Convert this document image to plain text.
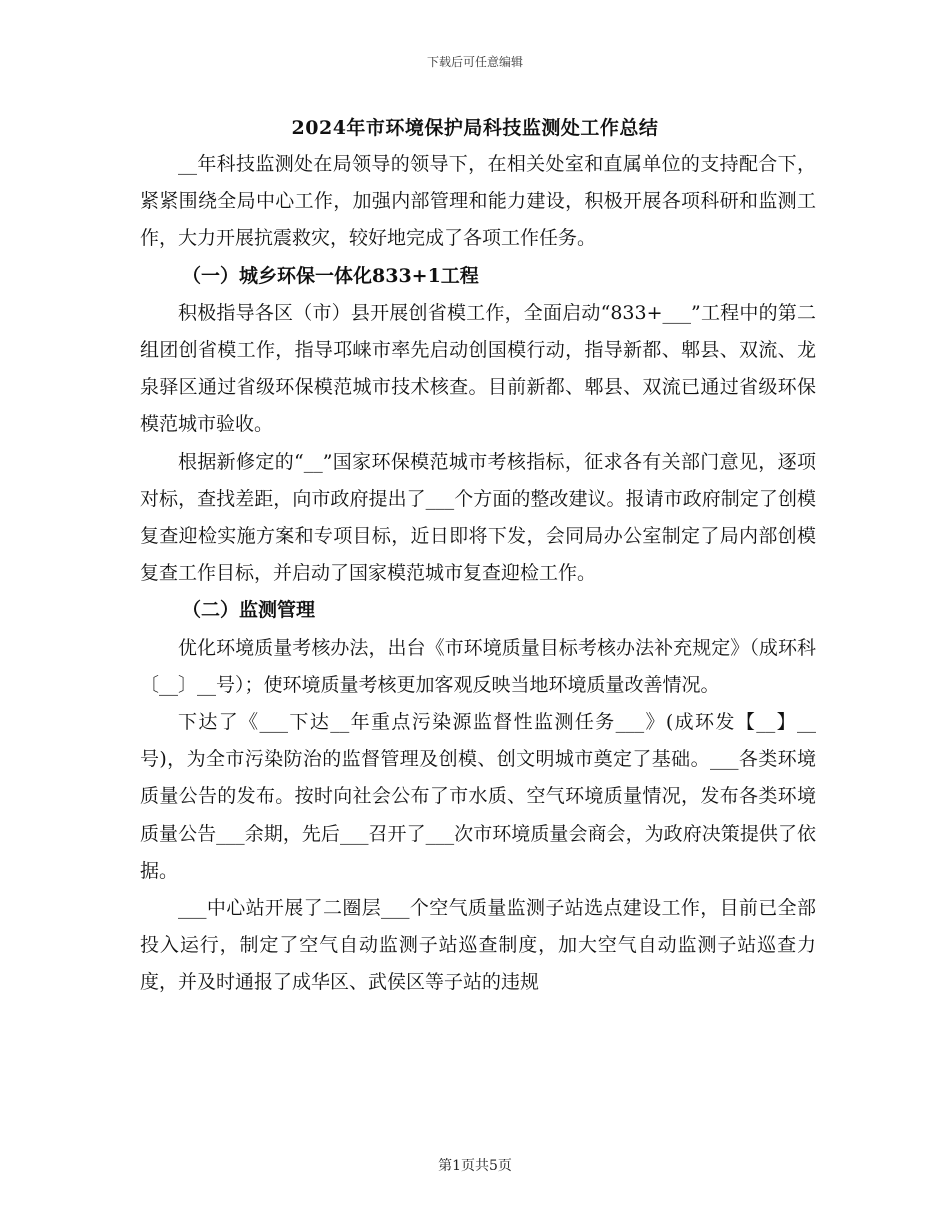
下载后可任意编辑
2024年市环境保护局科技监测处工作总结

__年科技监测处在局领导的领导下，在相关处室和直属单位的支持配合下，紧紧围绕全局中心工作，加强内部管理和能力建设，积极开展各项科研和监测工作，大力开展抗震救灾，较好地完成了各项工作任务。

（一）城乡环保一体化833+1工程

积极指导各区（市）县开展创省模工作，全面启动“833+___”工程中的第二组团创省模工作，指导邛崃市率先启动创国模行动，指导新都、郫县、双流、龙泉驿区通过省级环保模范城市技术核查。目前新都、郫县、双流已通过省级环保模范城市验收。

根据新修定的“__”国家环保模范城市考核指标，征求各有关部门意见，逐项对标，查找差距，向市政府提出了___个方面的整改建议。报请市政府制定了创模复查迎检实施方案和专项目标，近日即将下发，会同局办公室制定了局内部创模复查工作目标，并启动了国家模范城市复查迎检工作。

（二）监测管理

优化环境质量考核办法，出台《市环境质量目标考核办法补充规定》（成环科〔__〕__号）；使环境质量考核更加客观反映当地环境质量改善情况。

下达了《___下达__年重点污染源监督性监测任务___》(成环发【__】__号)，为全市污染防治的监督管理及创模、创文明城市奠定了基础。___各类环境质量公告的发布。按时向社会公布了市水质、空气环境质量情况，发布各类环境质量公告___余期，先后___召开了___次市环境质量会商会，为政府决策提供了依据。

___中心站开展了二圈层___个空气质量监测子站选点建设工作，目前已全部投入运行，制定了空气自动监测子站巡查制度，加大空气自动监测子站巡查力度，并及时通报了成华区、武侯区等子站的违规

第1页共5页
